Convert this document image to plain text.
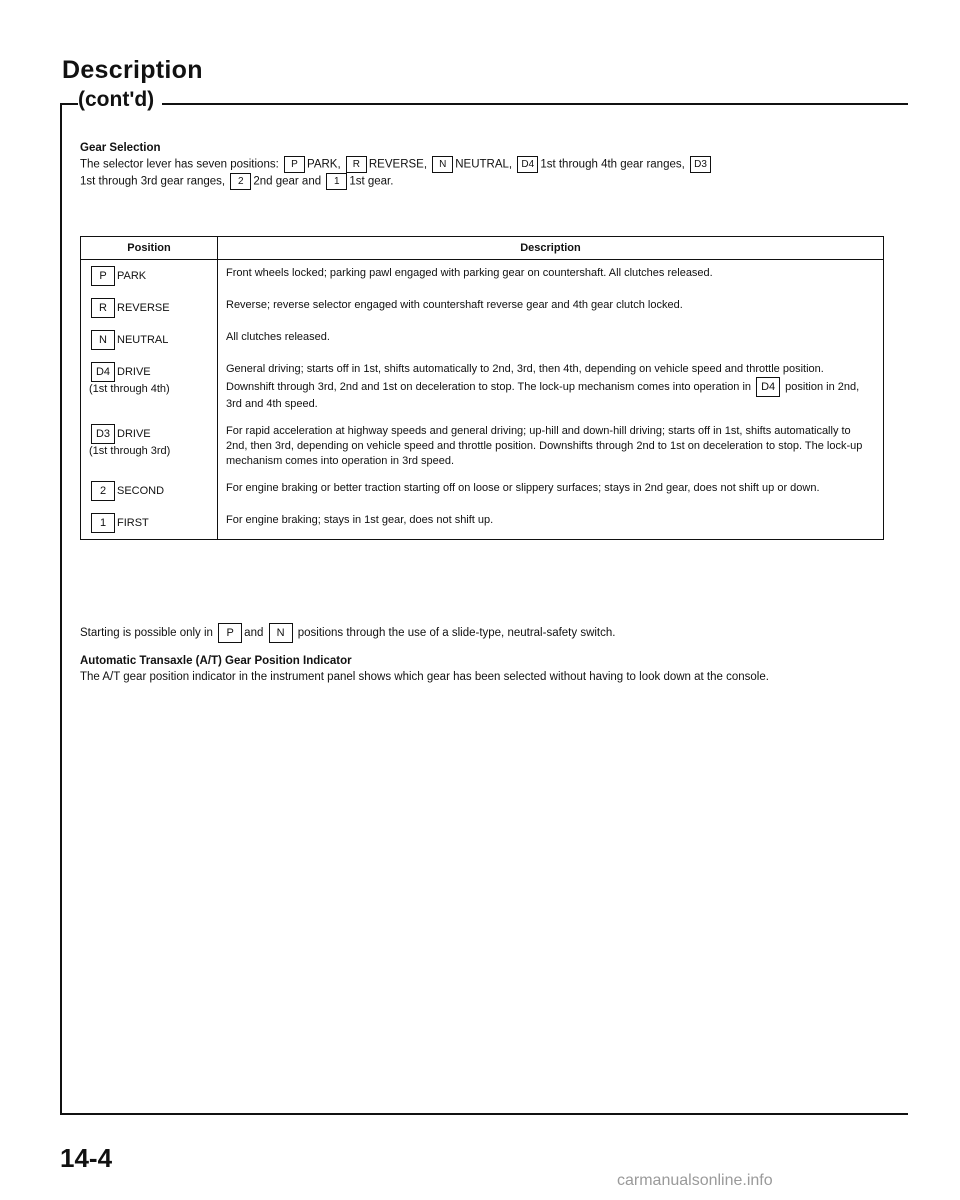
Description
(cont'd)
Gear Selection
The selector lever has seven positions: P PARK, R REVERSE, N NEUTRAL, D4 1st through 4th gear ranges, D3
1st through 3rd gear ranges, 2 2nd gear and 1 1st gear.
Position	Description
P PARK	Front wheels locked; parking pawl engaged with parking gear on countershaft. All clutches released.
R REVERSE	Reverse; reverse selector engaged with countershaft reverse gear and 4th gear clutch locked.
N NEUTRAL	All clutches released.
D4 DRIVE
(1st through 4th)	General driving; starts off in 1st, shifts automatically to 2nd, 3rd, then 4th, depending on vehicle speed and throttle position. Downshift through 3rd, 2nd and 1st on deceleration to stop. The lock-up mechanism comes into operation in D4 position in 2nd, 3rd and 4th speed.
D3 DRIVE
(1st through 3rd)	For rapid acceleration at highway speeds and general driving; up-hill and down-hill driving; starts off in 1st, shifts automatically to 2nd, then 3rd, depending on vehicle speed and throttle position. Downshifts through 2nd to 1st on deceleration to stop. The lock-up mechanism comes into operation in 3rd speed.
2 SECOND	For engine braking or better traction starting off on loose or slippery surfaces; stays in 2nd gear, does not shift up or down.
1 FIRST	For engine braking; stays in 1st gear, does not shift up.

Starting is possible only in P and N positions through the use of a slide-type, neutral-safety switch.

Automatic Transaxle (A/T) Gear Position Indicator
The A/T gear position indicator in the instrument panel shows which gear has been selected without having to look down at the console.
14-4
carmanualsonline.info
